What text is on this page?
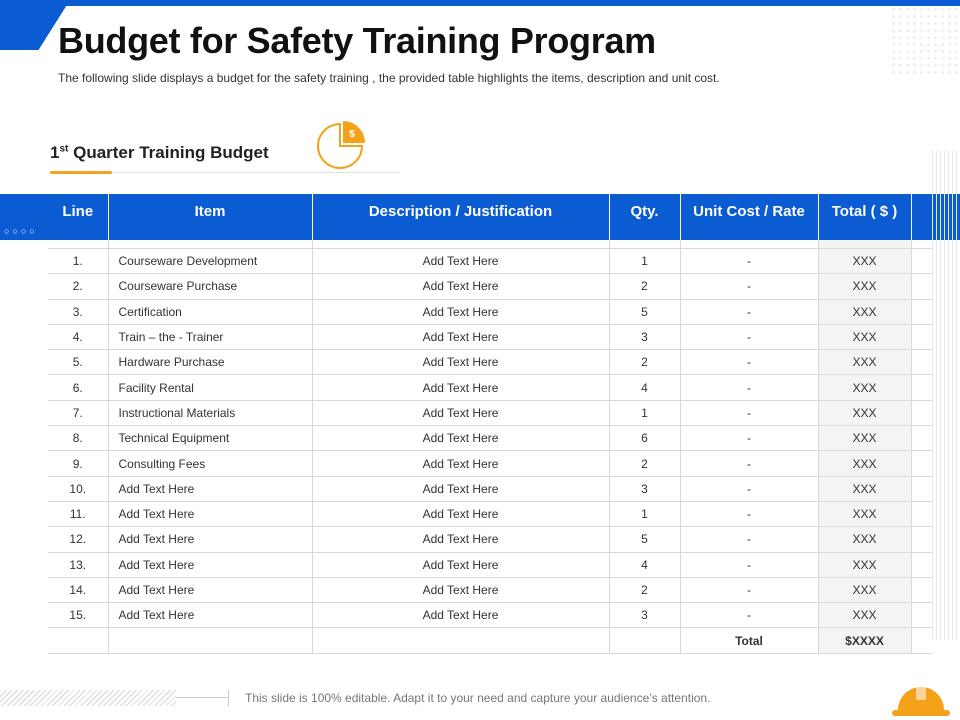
Budget for Safety Training Program

The following slide displays a budget for the safety training , the provided table highlights the items, description and unit cost.

1st Quarter Training Budget
$
○○○○
Line	Item	Description / Justification	Qty.	Unit Cost / Rate	Total ( $ )	

1.	Courseware Development	Add Text Here	1	-	XXX	
2.	Courseware Purchase	Add Text Here	2	-	XXX	
3.	Certification	Add Text Here	5	-	XXX	
4.	Train – the - Trainer	Add Text Here	3	-	XXX	
5.	Hardware Purchase	Add Text Here	2	-	XXX	
6.	Facility Rental	Add Text Here	4	-	XXX	
7.	Instructional Materials	Add Text Here	1	-	XXX	
8.	Technical Equipment	Add Text Here	6	-	XXX	
9.	Consulting Fees	Add Text Here	2	-	XXX	
10.	Add Text Here	Add Text Here	3	-	XXX	
11.	Add Text Here	Add Text Here	1	-	XXX	
12.	Add Text Here	Add Text Here	5	-	XXX	
13.	Add Text Here	Add Text Here	4	-	XXX	
14.	Add Text Here	Add Text Here	2	-	XXX	
15.	Add Text Here	Add Text Here	3	-	XXX	
				Total	$XXXX	
This slide is 100% editable. Adapt it to your need and capture your audience’s attention.
